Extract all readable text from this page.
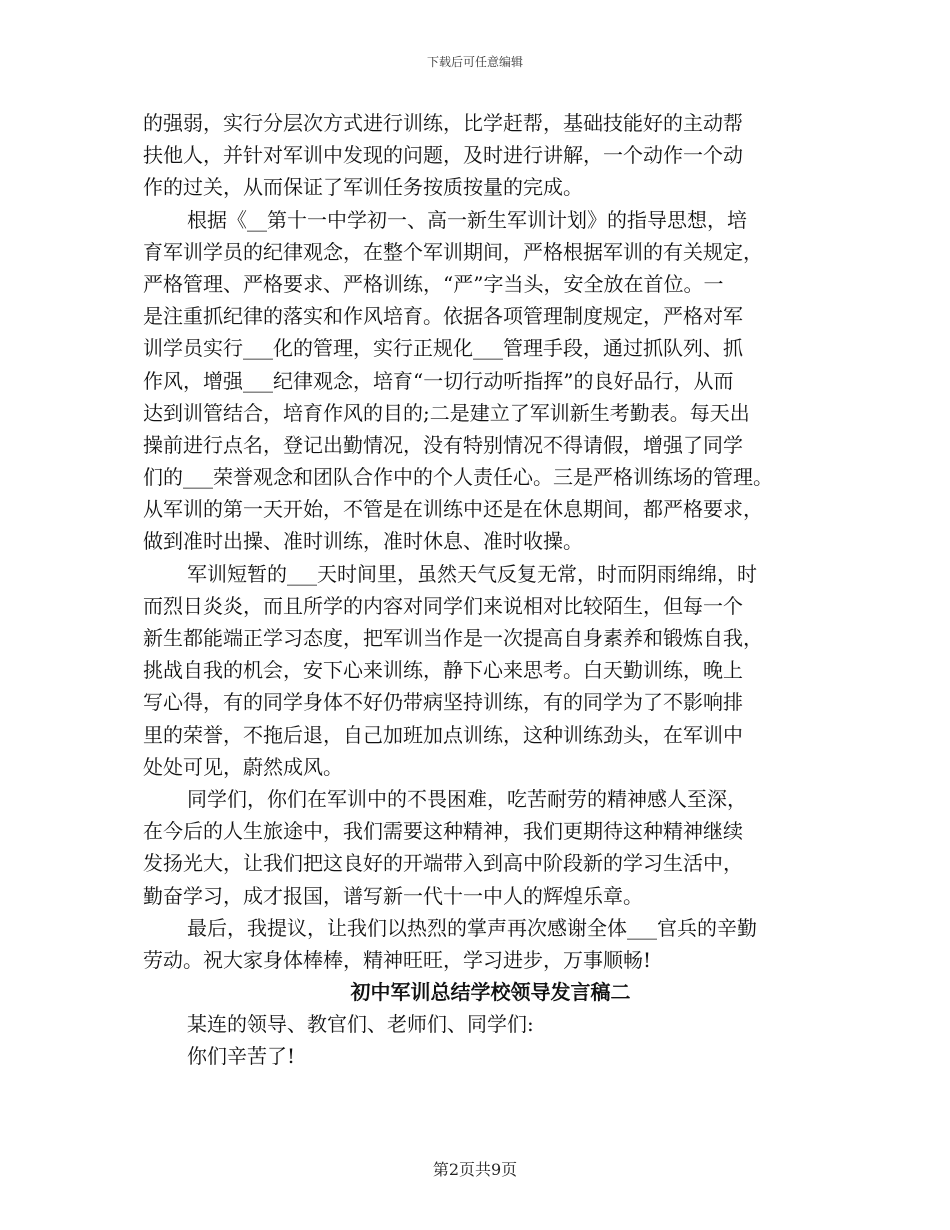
下载后可任意编辑
的强弱，实行分层次方式进行训练，比学赶帮，基础技能好的主动帮
扶他人，并针对军训中发现的问题，及时进行讲解，一个动作一个动
作的过关，从而保证了军训任务按质按量的完成。
根据《__第十一中学初一、高一新生军训计划》的指导思想，培
育军训学员的纪律观念，在整个军训期间，严格根据军训的有关规定，
严格管理、严格要求、严格训练，“严”字当头，安全放在首位。一
是注重抓纪律的落实和作风培育。依据各项管理制度规定，严格对军
训学员实行___化的管理，实行正规化___管理手段，通过抓队列、抓
作风，增强___纪律观念，培育“一切行动听指挥”的良好品行，从而
达到训管结合，培育作风的目的;二是建立了军训新生考勤表。每天出
操前进行点名，登记出勤情况，没有特别情况不得请假，增强了同学
们的___荣誉观念和团队合作中的个人责任心。三是严格训练场的管理。
从军训的第一天开始，不管是在训练中还是在休息期间，都严格要求，
做到准时出操、准时训练，准时休息、准时收操。
军训短暂的___天时间里，虽然天气反复无常，时而阴雨绵绵，时
而烈日炎炎，而且所学的内容对同学们来说相对比较陌生，但每一个
新生都能端正学习态度，把军训当作是一次提高自身素养和锻炼自我，
挑战自我的机会，安下心来训练，静下心来思考。白天勤训练，晚上
写心得，有的同学身体不好仍带病坚持训练，有的同学为了不影响排
里的荣誉，不拖后退，自己加班加点训练，这种训练劲头，在军训中
处处可见，蔚然成风。
同学们，你们在军训中的不畏困难，吃苦耐劳的精神感人至深，
在今后的人生旅途中，我们需要这种精神，我们更期待这种精神继续
发扬光大，让我们把这良好的开端带入到高中阶段新的学习生活中，
勤奋学习，成才报国，谱写新一代十一中人的辉煌乐章。
最后，我提议，让我们以热烈的掌声再次感谢全体___官兵的辛勤
劳动。祝大家身体棒棒，精神旺旺，学习进步，万事顺畅!
初中军训总结学校领导发言稿二
某连的领导、教官们、老师们、同学们:
你们辛苦了!
第2页共9页
